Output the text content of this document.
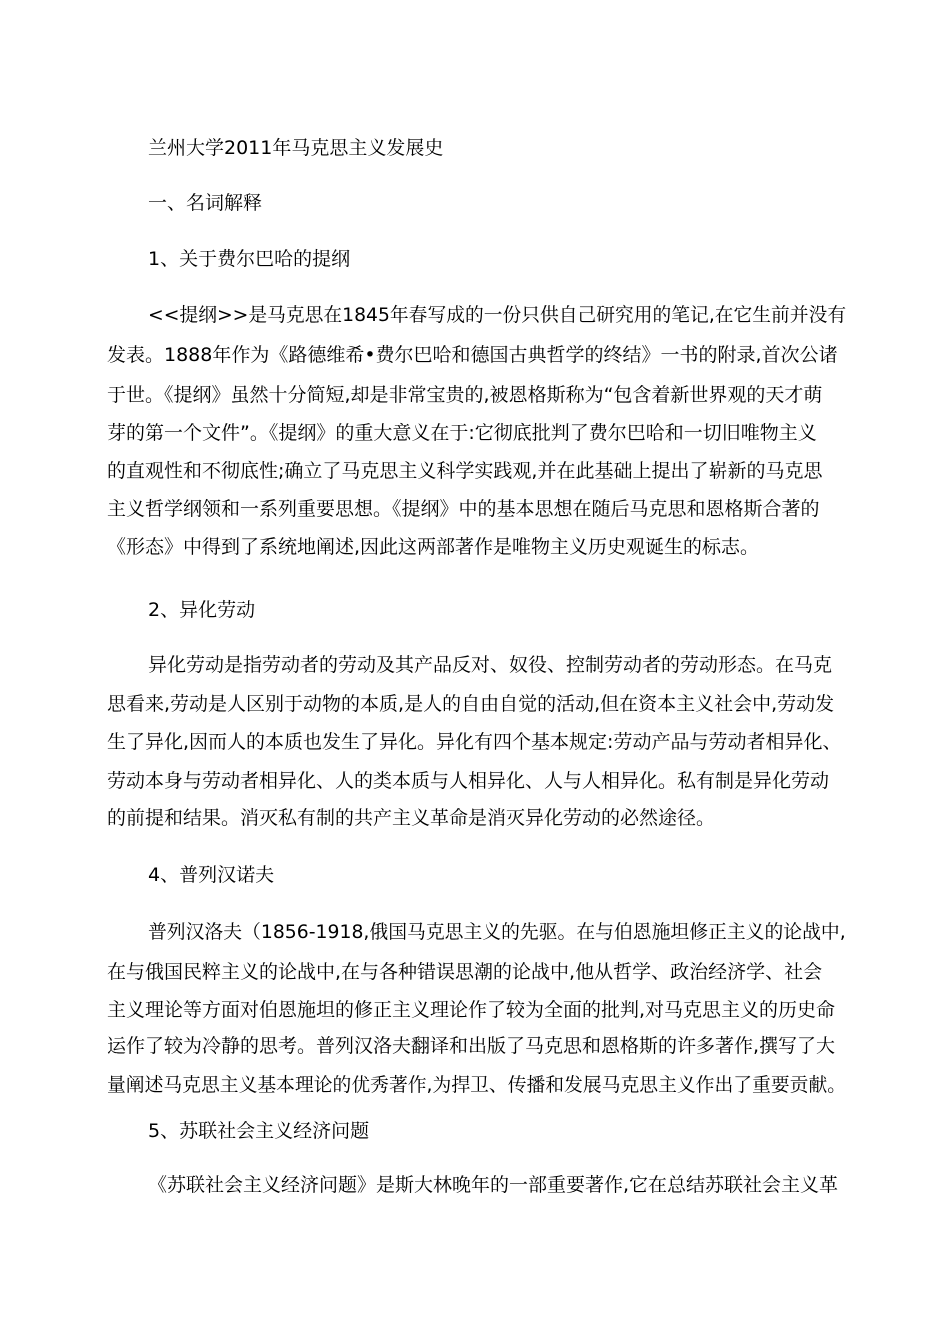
兰州大学2011年马克思主义发展史
一、名词解释
1、关于费尔巴哈的提纲
<<提纲>>是马克思在1845年春写成的一份只供自己研究用的笔记,在它生前并没有
发表。1888年作为《路德维希•费尔巴哈和德国古典哲学的终结》一书的附录,首次公诸
于世。《提纲》虽然十分简短,却是非常宝贵的,被恩格斯称为“包含着新世界观的天才萌
芽的第一个文件”。《提纲》的重大意义在于:它彻底批判了费尔巴哈和一切旧唯物主义
的直观性和不彻底性;确立了马克思主义科学实践观,并在此基础上提出了崭新的马克思
主义哲学纲领和一系列重要思想。《提纲》中的基本思想在随后马克思和恩格斯合著的
《形态》中得到了系统地阐述,因此这两部著作是唯物主义历史观诞生的标志。
2、异化劳动
异化劳动是指劳动者的劳动及其产品反对、奴役、控制劳动者的劳动形态。在马克
思看来,劳动是人区别于动物的本质,是人的自由自觉的活动,但在资本主义社会中,劳动发
生了异化,因而人的本质也发生了异化。异化有四个基本规定:劳动产品与劳动者相异化、
劳动本身与劳动者相异化、人的类本质与人相异化、人与人相异化。私有制是异化劳动
的前提和结果。消灭私有制的共产主义革命是消灭异化劳动的必然途径。
4、普列汉诺夫
普列汉洛夫（1856-1918,俄国马克思主义的先驱。在与伯恩施坦修正主义的论战中,
在与俄国民粹主义的论战中,在与各种错误思潮的论战中,他从哲学、政治经济学、社会
主义理论等方面对伯恩施坦的修正主义理论作了较为全面的批判,对马克思主义的历史命
运作了较为冷静的思考。普列汉洛夫翻译和出版了马克思和恩格斯的许多著作,撰写了大
量阐述马克思主义基本理论的优秀著作,为捍卫、传播和发展马克思主义作出了重要贡献。
5、苏联社会主义经济问题
《苏联社会主义经济问题》是斯大林晚年的一部重要著作,它在总结苏联社会主义革
